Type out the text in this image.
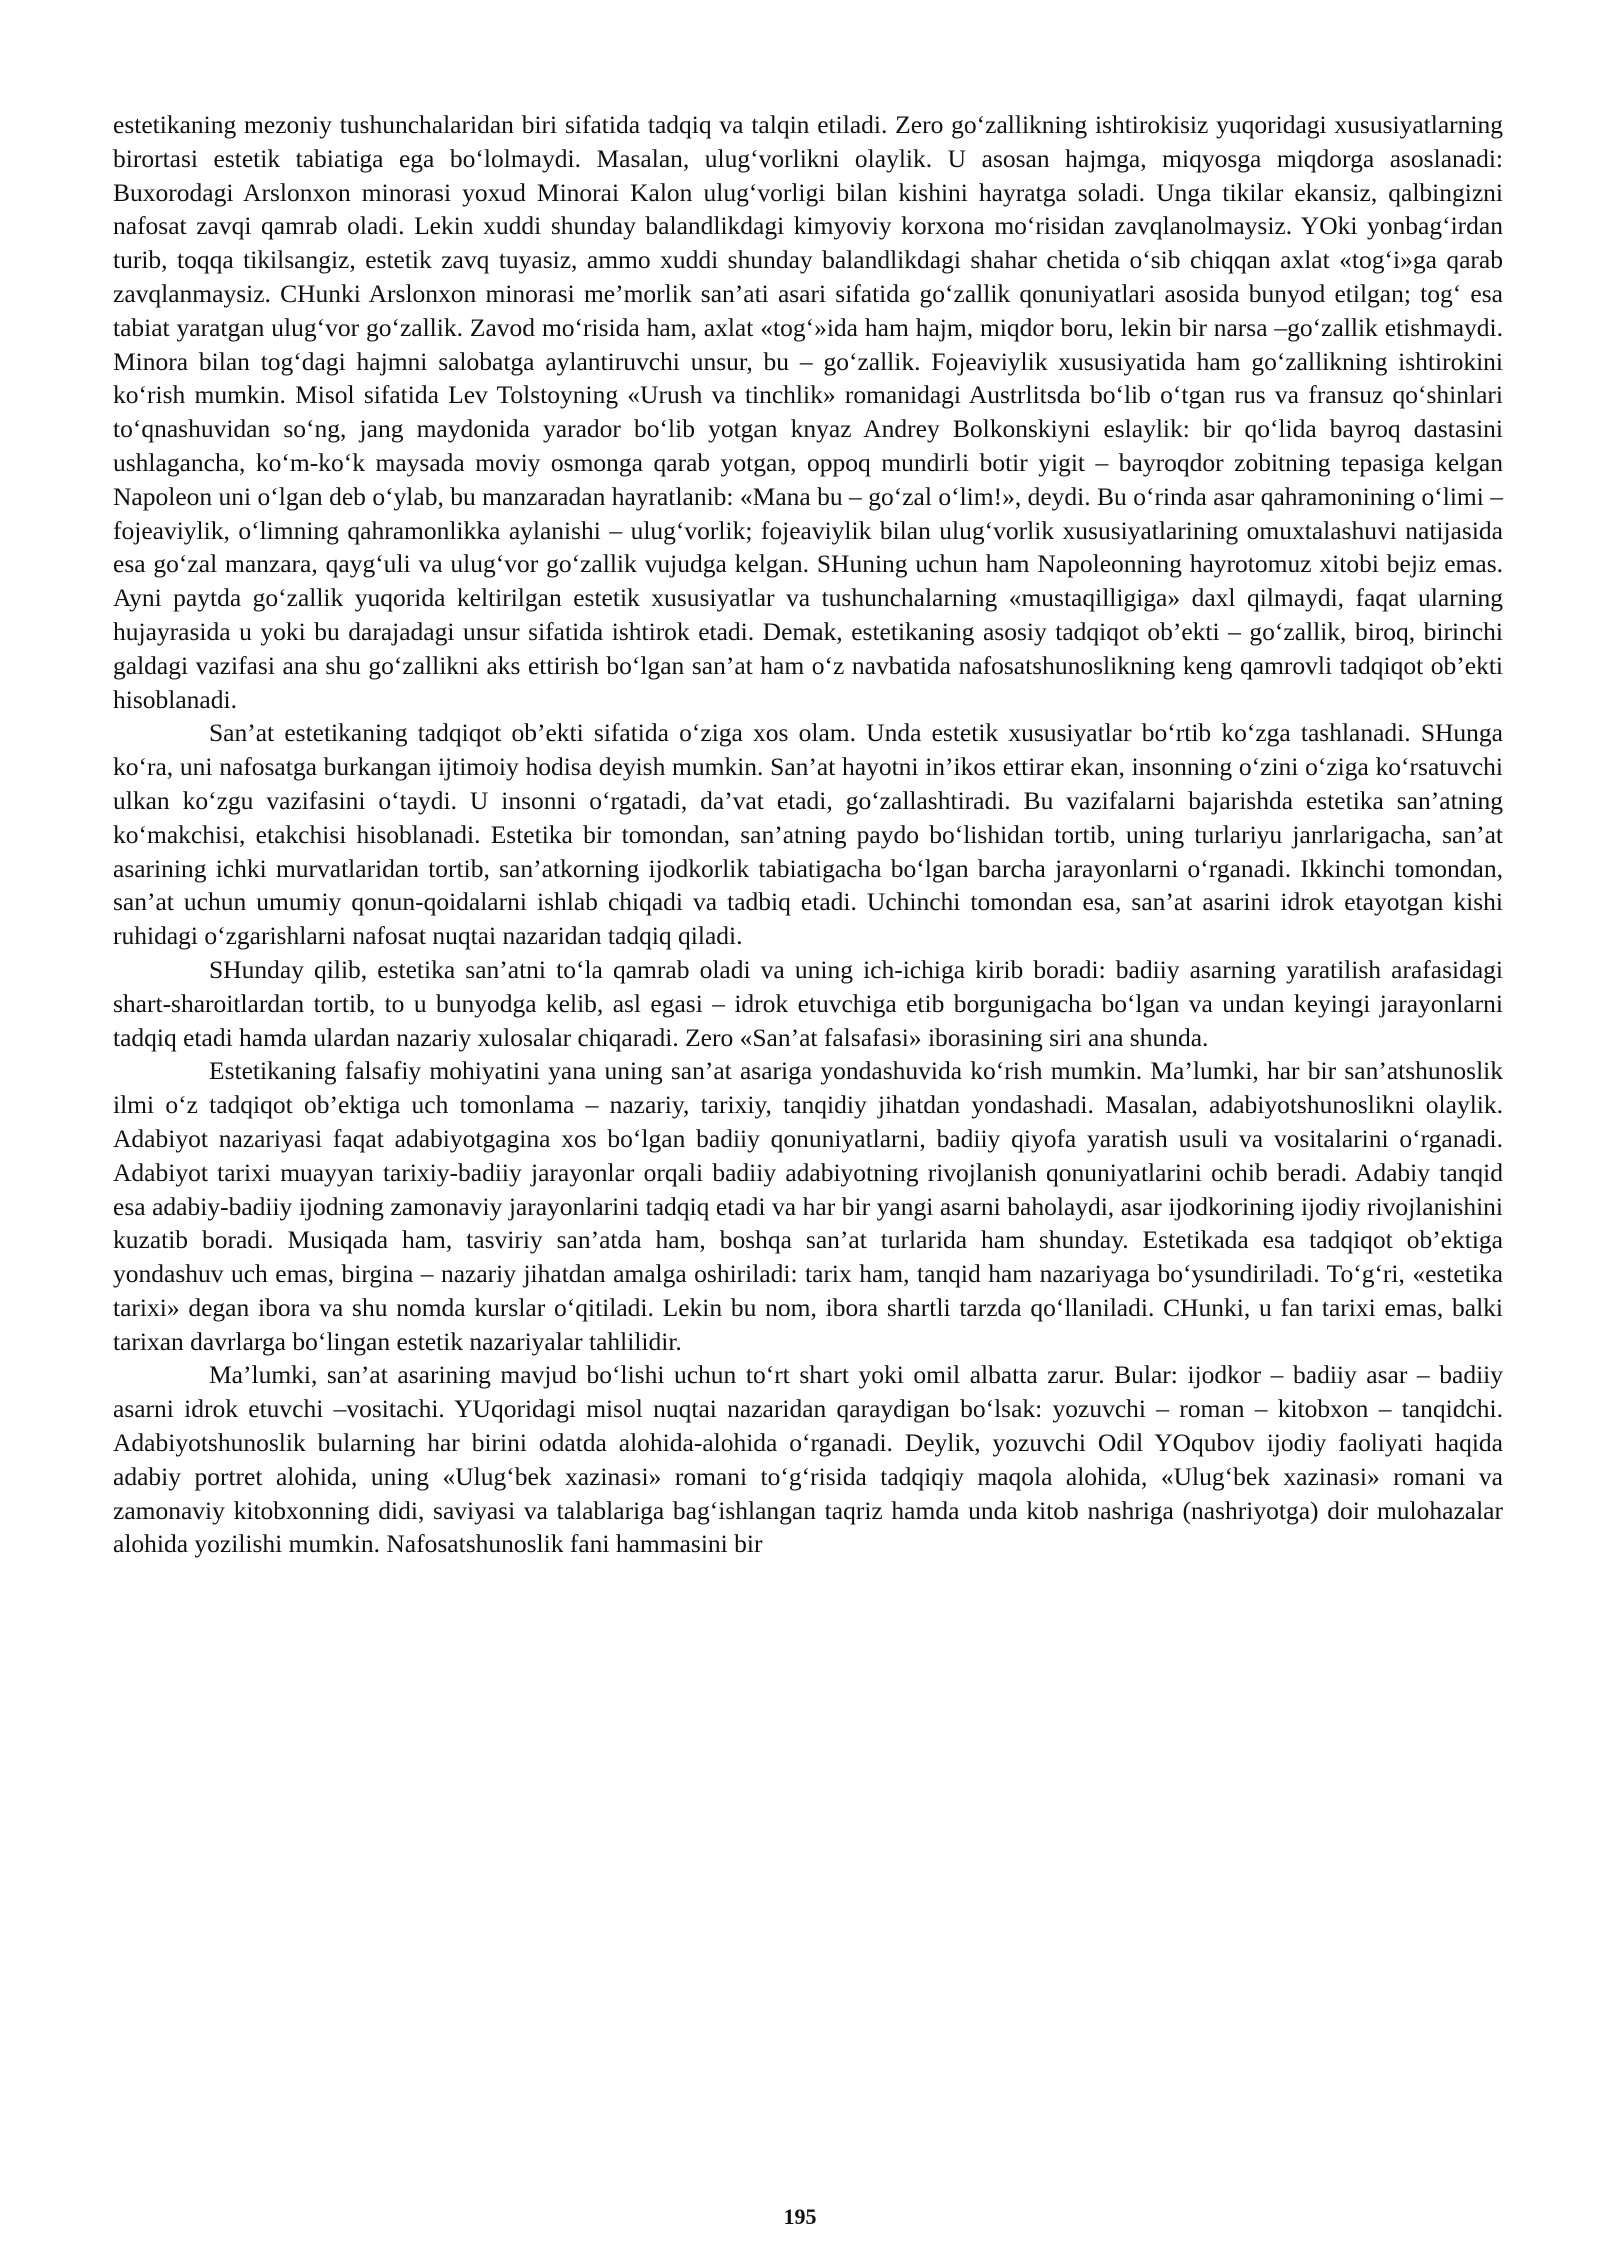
estetikaning mezoniy tushunchalaridan biri sifatida tadqiq va talqin etiladi. Zero go‘zallikning ishtirokisiz yuqoridagi xususiyatlarning birortasi estetik tabiatiga ega bo‘lolmaydi. Masalan, ulug‘vorlikni olaylik. U asosan hajmga, miqyosga miqdorga asoslanadi: Buxorodagi Arslonxon minorasi yoxud Minorai Kalon ulug‘vorligi bilan kishini hayratga soladi. Unga tikilar ekansiz, qalbingizni nafosat zavqi qamrab oladi. Lekin xuddi shunday balandlikdagi kimyoviy korxona mo‘risidan zavqlanolmaysiz. YOki yonbag‘irdan turib, toqqa tikilsangiz, estetik zavq tuyasiz, ammo xuddi shunday balandlikdagi shahar chetida o‘sib chiqqan axlat «tog‘i»ga qarab zavqlanmaysiz. CHunki Arslonxon minorasi me’morlik san’ati asari sifatida go‘zallik qonuniyatlari asosida bunyod etilgan; tog‘ esa tabiat yaratgan ulug‘vor go‘zallik. Zavod mo‘risida ham, axlat «tog‘»ida ham hajm, miqdor boru, lekin bir narsa –go‘zallik etishmaydi. Minora bilan tog‘dagi hajmni salobatga aylantiruvchi unsur, bu – go‘zallik. Fojeaviylik xususiyatida ham go‘zallikning ishtirokini ko‘rish mumkin. Misol sifatida Lev Tolstoyning «Urush va tinchlik» romanidagi Austrlitsda bo‘lib o‘tgan rus va fransuz qo‘shinlari to‘qnashuvidan so‘ng, jang maydonida yarador bo‘lib yotgan knyaz Andrey Bolkonskiyni eslaylik: bir qo‘lida bayroq dastasini ushlagancha, ko‘m-ko‘k maysada moviy osmonga qarab yotgan, oppoq mundirli botir yigit – bayroqdor zobitning tepasiga kelgan Napoleon uni o‘lgan deb o‘ylab, bu manzaradan hayratlanib: «Mana bu – go‘zal o‘lim!», deydi. Bu o‘rinda asar qahramonining o‘limi – fojeaviylik, o‘limning qahramonlikka aylanishi – ulug‘vorlik; fojeaviylik bilan ulug‘vorlik xususiyatlarining omuxtalashuvi natijasida esa go‘zal manzara, qayg‘uli va ulug‘vor go‘zallik vujudga kelgan. SHuning uchun ham Napoleonning hayrotomuz xitobi bejiz emas. Ayni paytda go‘zallik yuqorida keltirilgan estetik xususiyatlar va tushunchalarning «mustaqilligiga» daxl qilmaydi, faqat ularning hujayrasida u yoki bu darajadagi unsur sifatida ishtirok etadi. Demak, estetikaning asosiy tadqiqot ob’ekti – go‘zallik, biroq, birinchi galdagi vazifasi ana shu go‘zallikni aks ettirish bo‘lgan san’at ham o‘z navbatida nafosatshunoslikning keng qamrovli tadqiqot ob’ekti hisoblanadi.

San’at estetikaning tadqiqot ob’ekti sifatida o‘ziga xos olam. Unda estetik xususiyatlar bo‘rtib ko‘zga tashlanadi. SHunga ko‘ra, uni nafosatga burkangan ijtimoiy hodisa deyish mumkin. San’at hayotni in’ikos ettirar ekan, insonning o‘zini o‘ziga ko‘rsatuvchi ulkan ko‘zgu vazifasini o‘taydi. U insonni o‘rgatadi, da’vat etadi, go‘zallashtiradi. Bu vazifalarni bajarishda estetika san’atning ko‘makchisi, etakchisi hisoblanadi. Estetika bir tomondan, san’atning paydo bo‘lishidan tortib, uning turlariyu janrlarigacha, san’at asarining ichki murvatlaridan tortib, san’atkorning ijodkorlik tabiatigacha bo‘lgan barcha jarayonlarni o‘rganadi. Ikkinchi tomondan, san’at uchun umumiy qonun-qoidalarni ishlab chiqadi va tadbiq etadi. Uchinchi tomondan esa, san’at asarini idrok etayotgan kishi ruhidagi o‘zgarishlarni nafosat nuqtai nazaridan tadqiq qiladi.

SHunday qilib, estetika san’atni to‘la qamrab oladi va uning ich-ichiga kirib boradi: badiiy asarning yaratilish arafasidagi shart-sharoitlardan tortib, to u bunyodga kelib, asl egasi – idrok etuvchiga etib borgunigacha bo‘lgan va undan keyingi jarayonlarni tadqiq etadi hamda ulardan nazariy xulosalar chiqaradi. Zero «San’at falsafasi» iborasining siri ana shunda.

Estetikaning falsafiy mohiyatini yana uning san’at asariga yondashuvida ko‘rish mumkin. Ma’lumki, har bir san’atshunoslik ilmi o‘z tadqiqot ob’ektiga uch tomonlama – nazariy, tarixiy, tanqidiy jihatdan yondashadi. Masalan, adabiyotshunoslikni olaylik. Adabiyot nazariyasi faqat adabiyotgagina xos bo‘lgan badiiy qonuniyatlarni, badiiy qiyofa yaratish usuli va vositalarini o‘rganadi. Adabiyot tarixi muayyan tarixiy-badiiy jarayonlar orqali badiiy adabiyotning rivojlanish qonuniyatlarini ochib beradi. Adabiy tanqid esa adabiy-badiiy ijodning zamonaviy jarayonlarini tadqiq etadi va har bir yangi asarni baholaydi, asar ijodkorining ijodiy rivojlanishini kuzatib boradi. Musiqada ham, tasviriy san’atda ham, boshqa san’at turlarida ham shunday. Estetikada esa tadqiqot ob’ektiga yondashuv uch emas, birgina – nazariy jihatdan amalga oshiriladi: tarix ham, tanqid ham nazariyaga bo‘ysundiriladi. To‘g‘ri, «estetika tarixi» degan ibora va shu nomda kurslar o‘qitiladi. Lekin bu nom, ibora shartli tarzda qo‘llaniladi. CHunki, u fan tarixi emas, balki tarixan davrlarga bo‘lingan estetik nazariyalar tahlilidir.

Ma’lumki, san’at asarining mavjud bo‘lishi uchun to‘rt shart yoki omil albatta zarur. Bular: ijodkor – badiiy asar – badiiy asarni idrok etuvchi –vositachi. YUqoridagi misol nuqtai nazaridan qaraydigan bo‘lsak: yozuvchi – roman – kitobxon – tanqidchi. Adabiyotshunoslik bularning har birini odatda alohida-alohida o‘rganadi. Deylik, yozuvchi Odil YOqubov ijodiy faoliyati haqida adabiy portret alohida, uning «Ulug‘bek xazinasi» romani to‘g‘risida tadqiqiy maqola alohida, «Ulug‘bek xazinasi» romani va zamonaviy kitobxonning didi, saviyasi va talablariga bag‘ishlangan taqriz hamda unda kitob nashriga (nashriyotga) doir mulohazalar alohida yozilishi mumkin. Nafosatshunoslik fani hammasini bir

195
